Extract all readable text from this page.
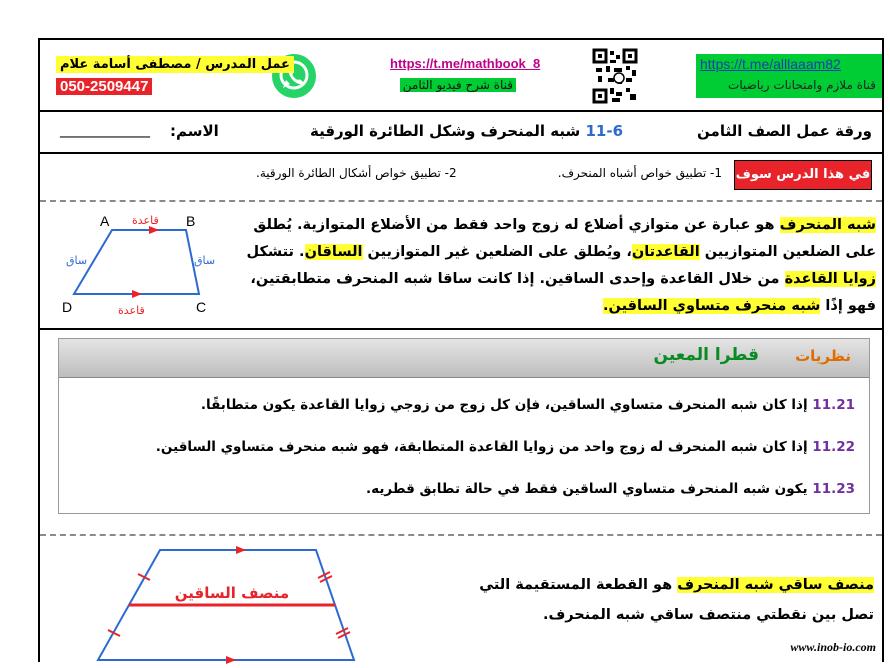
https://t.me/alllaaam82
قناة ملازم وامتحانات رياضيات
https://t.me/mathbook_8
قناة شرح فيديو الثامن
عمل المدرس / مصطفى أسامة علام
050-2509447
ورقة عمل الصف الثامن
11-6 شبه المنحرف وشكل الطائرة الورقية
الاسم:
____________
في هذا الدرس سوف أتعلم:
1- تطبيق خواص أشباه المنحرف.
2- تطبيق خواص أشكال الطائرة الورقية.
A	B
C
D
قاعدة
قاعدة
ساق	ساق
شبه المنحرف هو عبارة عن متوازي أضلاع له زوج واحد فقط من الأضلاع المتوازية. يُطلق على الضلعين المتوازيين القاعدتان، ويُطلق على الضلعين غير المتوازيين الساقان. تتشكل زوايا القاعدة من خلال القاعدة وإحدى الساقين. إذا كانت ساقا شبه المنحرف متطابقتين، فهو إذًا شبه منحرف متساوي الساقين.
نظريات
قطرا المعين
11.21 إذا كان شبه المنحرف متساوي الساقين، فإن كل زوج من زوجي زوايا القاعدة يكون متطابقًا.
11.22 إذا كان شبه المنحرف له زوج واحد من زوايا القاعدة المتطابقة، فهو شبه منحرف متساوي الساقين.
11.23 يكون شبه المنحرف متساوي الساقين فقط في حالة تطابق قطريه.
منصف الساقين	منصف ساقي شبه المنحرف هو القطعة المستقيمة التي تصل بين نقطتي منتصف ساقي شبه المنحرف.
www.inob-io.com
